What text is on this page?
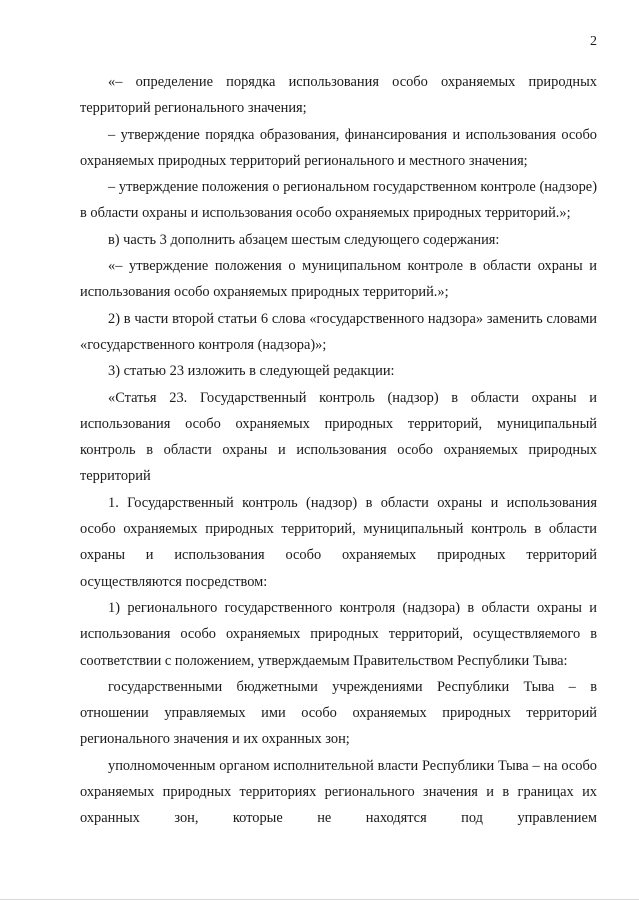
2

«– определение порядка использования особо охраняемых природных территорий регионального значения;

– утверждение порядка образования, финансирования и использования особо охраняемых природных территорий регионального и местного значения;

– утверждение положения о региональном государственном контроле (надзоре) в области охраны и использования особо охраняемых природных территорий.»;

в) часть 3 дополнить абзацем шестым следующего содержания:

«– утверждение положения о муниципальном контроле в области охраны и использования особо охраняемых природных территорий.»;

2) в части второй статьи 6 слова «государственного надзора» заменить словами «государственного контроля (надзора)»;

3) статью 23 изложить в следующей редакции:

«Статья 23. Государственный контроль (надзор) в области охраны и использования особо охраняемых природных территорий, муниципальный контроль в области охраны и использования особо охраняемых природных территорий

1. Государственный контроль (надзор) в области охраны и использования особо охраняемых природных территорий, муниципальный контроль в области охраны и использования особо охраняемых природных территорий осуществляются посредством:

1) регионального государственного контроля (надзора) в области охраны и использования особо охраняемых природных территорий, осуществляемого в соответствии с положением, утверждаемым Правительством Республики Тыва:

государственными бюджетными учреждениями Республики Тыва – в отношении управляемых ими особо охраняемых природных территорий регионального значения и их охранных зон;

уполномоченным органом исполнительной власти Республики Тыва – на особо охраняемых природных территориях регионального значения и в границах их охранных зон, которые не находятся под управлением
